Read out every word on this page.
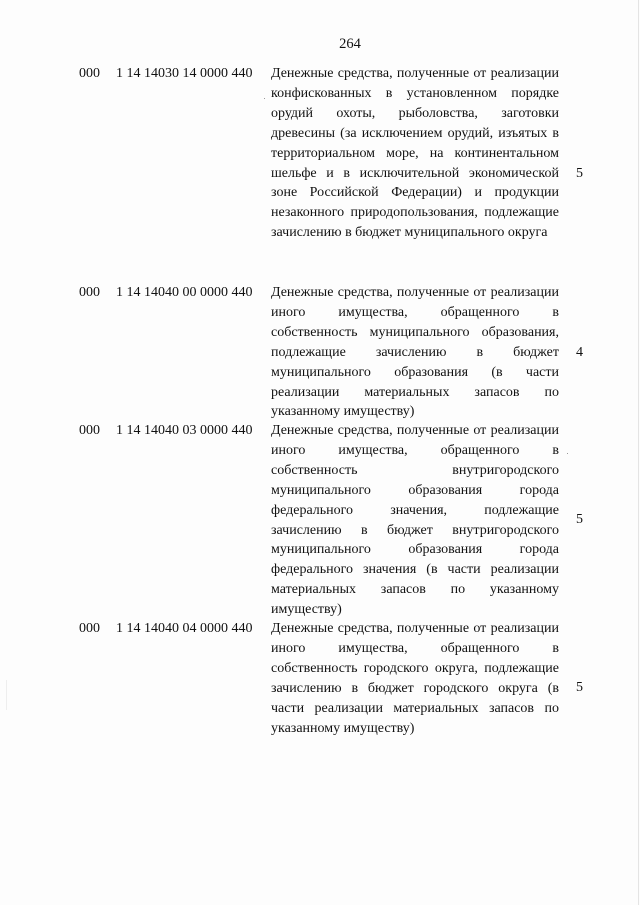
264
000 1 14 14030 14 0000 440 Денежные средства, полученные от реализации конфискованных в установленном порядке орудий охоты, рыболовства, заготовки древесины (за исключением орудий, изъятых в территориальном море, на континентальном шельфе и в исключительной экономической зоне Российской Федерации) и продукции незаконного природопользования, подлежащие зачислению в бюджет муниципального округа
5
000 1 14 14040 00 0000 440 Денежные средства, полученные от реализации иного имущества, обращенного в собственность муниципального образования, подлежащие зачислению в бюджет муниципального образования (в части реализации материальных запасов по указанному имуществу)
4
000 1 14 14040 03 0000 440 Денежные средства, полученные от реализации иного имущества, обращенного в собственность внутригородского муниципального образования города федерального значения, подлежащие зачислению в бюджет внутригородского муниципального образования города федерального значения (в части реализации материальных запасов по указанному имуществу)
5
000 1 14 14040 04 0000 440 Денежные средства, полученные от реализации иного имущества, обращенного в собственность городского округа, подлежащие зачислению в бюджет городского округа (в части реализации материальных запасов по указанному имуществу)
5
